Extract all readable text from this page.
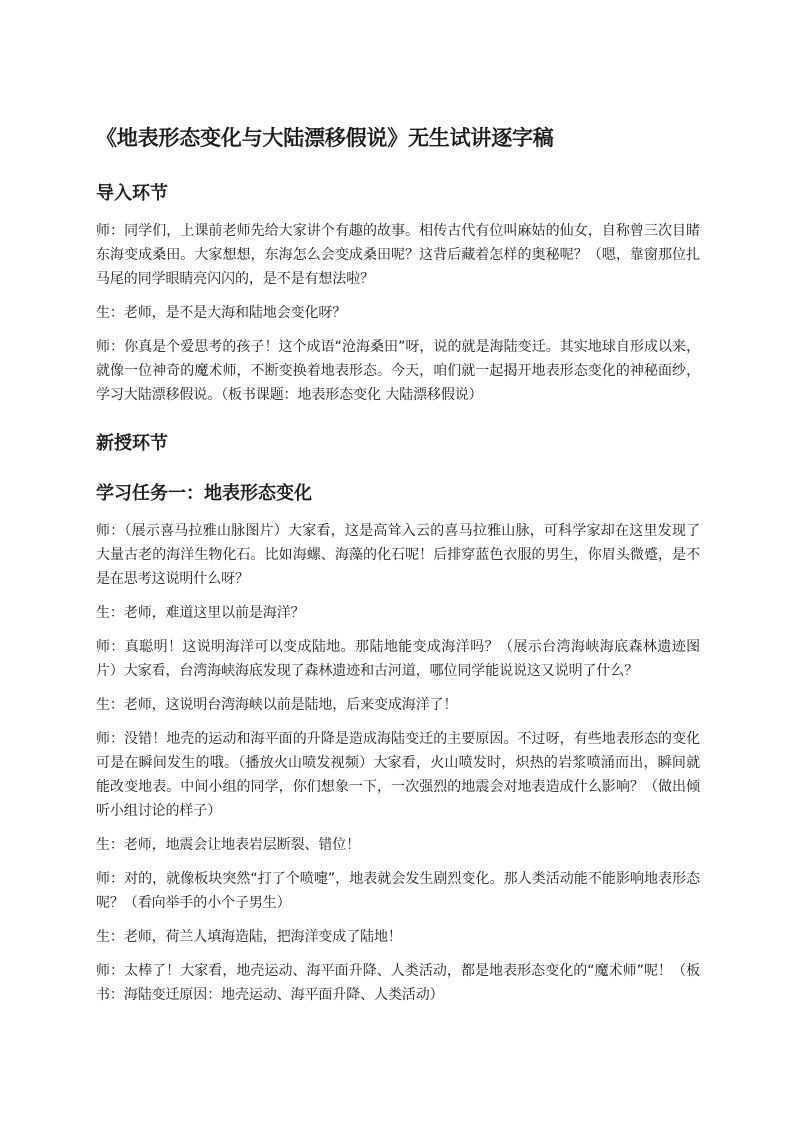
《地表形态变化与大陆漂移假说》无生试讲逐字稿
导入环节

师：同学们，上课前老师先给大家讲个有趣的故事。相传古代有位叫麻姑的仙女，自称曾三次目睹东海变成桑田。大家想想，东海怎么会变成桑田呢？这背后藏着怎样的奥秘呢？（嗯，靠窗那位扎马尾的同学眼睛亮闪闪的，是不是有想法啦？

生：老师，是不是大海和陆地会变化呀？

师：你真是个爱思考的孩子！这个成语“沧海桑田”呀，说的就是海陆变迁。其实地球自形成以来，就像一位神奇的魔术师，不断变换着地表形态。今天，咱们就一起揭开地表形态变化的神秘面纱，学习大陆漂移假说。（板书课题：地表形态变化 大陆漂移假说）

新授环节
学习任务一：地表形态变化

师：（展示喜马拉雅山脉图片）大家看，这是高耸入云的喜马拉雅山脉，可科学家却在这里发现了大量古老的海洋生物化石。比如海螺、海藻的化石呢！后排穿蓝色衣服的男生，你眉头微蹙，是不是在思考这说明什么呀？

生：老师，难道这里以前是海洋？

师：真聪明！这说明海洋可以变成陆地。那陆地能变成海洋吗？（展示台湾海峡海底森林遗迹图片）大家看，台湾海峡海底发现了森林遗迹和古河道，哪位同学能说说这又说明了什么？

生：老师，这说明台湾海峡以前是陆地，后来变成海洋了！

师：没错！地壳的运动和海平面的升降是造成海陆变迁的主要原因。不过呀，有些地表形态的变化可是在瞬间发生的哦。（播放火山喷发视频）大家看，火山喷发时，炽热的岩浆喷涌而出，瞬间就能改变地表。中间小组的同学，你们想象一下，一次强烈的地震会对地表造成什么影响？（做出倾听小组讨论的样子）

生：老师，地震会让地表岩层断裂、错位！

师：对的，就像板块突然“打了个喷嚏”，地表就会发生剧烈变化。那人类活动能不能影响地表形态呢？（看向举手的小个子男生）

生：老师，荷兰人填海造陆，把海洋变成了陆地！

师：太棒了！大家看，地壳运动、海平面升降、人类活动，都是地表形态变化的“魔术师”呢！（板书：海陆变迁原因：地壳运动、海平面升降、人类活动）
